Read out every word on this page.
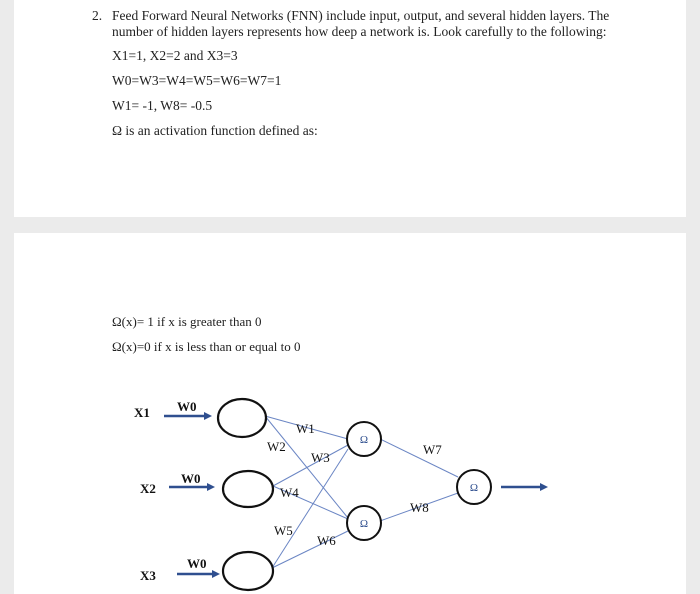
2. Feed Forward Neural Networks (FNN) include input, output, and several hidden layers. The
number of hidden layers represents how deep a network is. Look carefully to the following:
X1=1, X2=2 and X3=3
W0=W3=W4=W5=W6=W7=1
W1= -1, W8= -0.5
Ω is an activation function defined as:
Ω(x)= 1 if x is greater than 0
Ω(x)=0 if x is less than or equal to 0
Ω
Ω
Ω
X1
X2
X3
W0
W0
W0
W1
W2
W3
W4
W5
W6
W7
W8
